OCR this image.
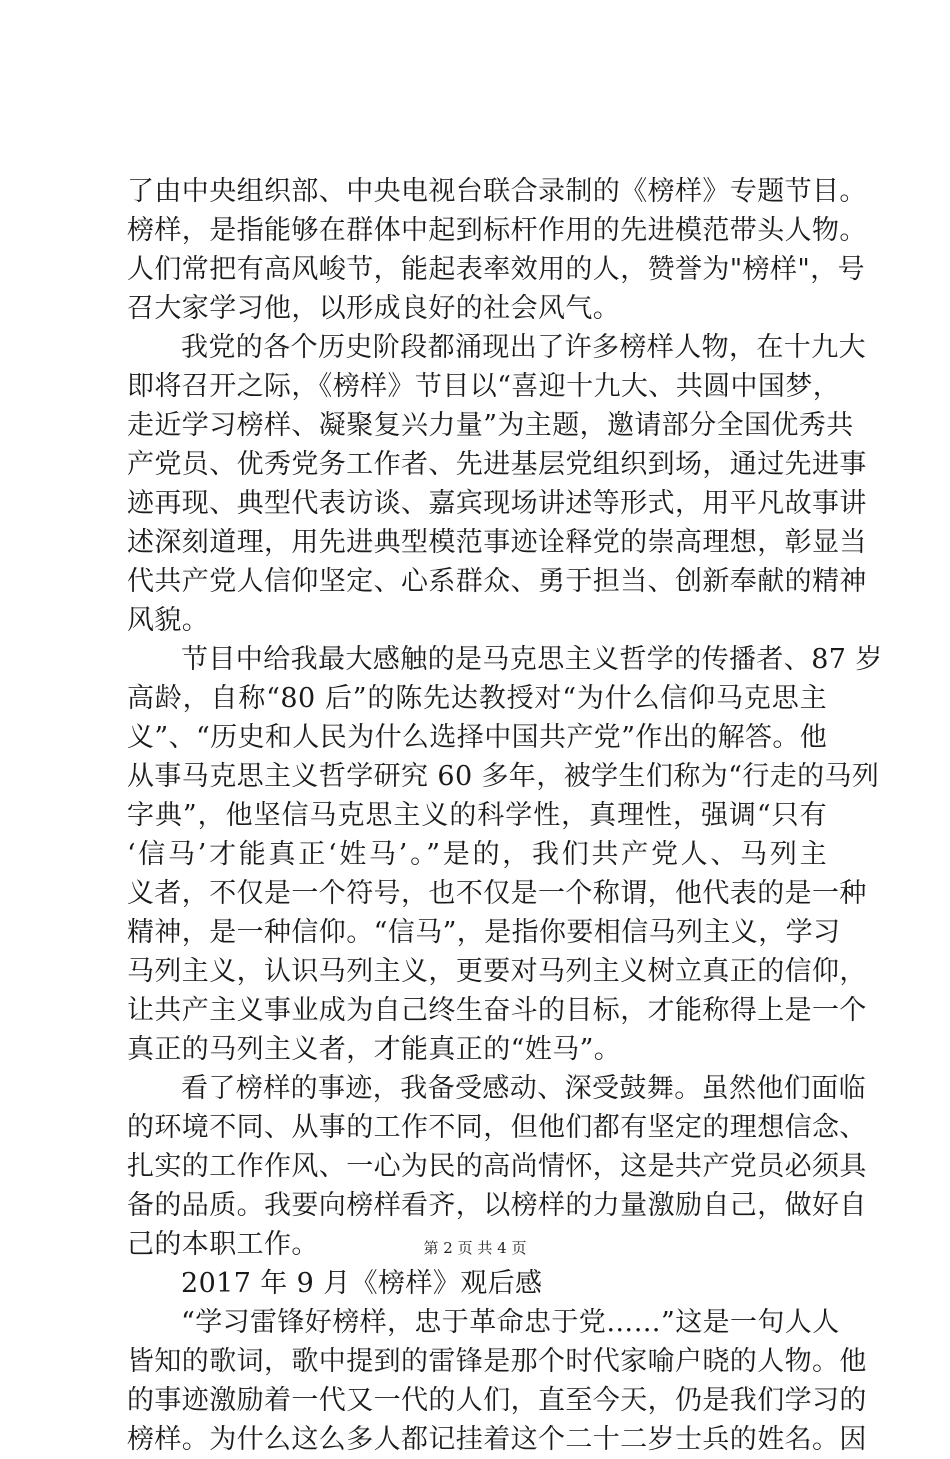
了由中央组织部、中央电视台联合录制的《榜样》专题节目。
榜样，是指能够在群体中起到标杆作用的先进模范带头人物。
人们常把有高风峻节，能起表率效用的人，赞誉为"榜样"，号
召大家学习他，以形成良好的社会风气。
我党的各个历史阶段都涌现出了许多榜样人物，在十九大
即将召开之际，《榜样》节目以“喜迎十九大、共圆中国梦，
走近学习榜样、凝聚复兴力量”为主题，邀请部分全国优秀共
产党员、优秀党务工作者、先进基层党组织到场，通过先进事
迹再现、典型代表访谈、嘉宾现场讲述等形式，用平凡故事讲
述深刻道理，用先进典型模范事迹诠释党的崇高理想，彰显当
代共产党人信仰坚定、心系群众、勇于担当、创新奉献的精神
风貌。
节目中给我最大感触的是马克思主义哲学的传播者、87 岁
高龄，自称“80 后”的陈先达教授对“为什么信仰马克思主
义”、“历史和人民为什么选择中国共产党”作出的解答。他
从事马克思主义哲学研究 60 多年，被学生们称为“行走的马列
字典”，他坚信马克思主义的科学性，真理性，强调“只有
‘信马’才能真正‘姓马’。”是的，我们共产党人、马列主
义者，不仅是一个符号，也不仅是一个称谓，他代表的是一种
精神，是一种信仰。“信马”，是指你要相信马列主义，学习
马列主义，认识马列主义，更要对马列主义树立真正的信仰，
让共产主义事业成为自己终生奋斗的目标，才能称得上是一个
真正的马列主义者，才能真正的“姓马”。
看了榜样的事迹，我备受感动、深受鼓舞。虽然他们面临
的环境不同、从事的工作不同，但他们都有坚定的理想信念、
扎实的工作作风、一心为民的高尚情怀，这是共产党员必须具
备的品质。我要向榜样看齐，以榜样的力量激励自己，做好自
己的本职工作。
2017 年 9 月《榜样》观后感
“学习雷锋好榜样，忠于革命忠于党……”这是一句人人
皆知的歌词，歌中提到的雷锋是那个时代家喻户晓的人物。他
的事迹激励着一代又一代的人们，直至今天，仍是我们学习的
榜样。为什么这么多人都记挂着这个二十二岁士兵的姓名。因
第 2 页 共 4 页
